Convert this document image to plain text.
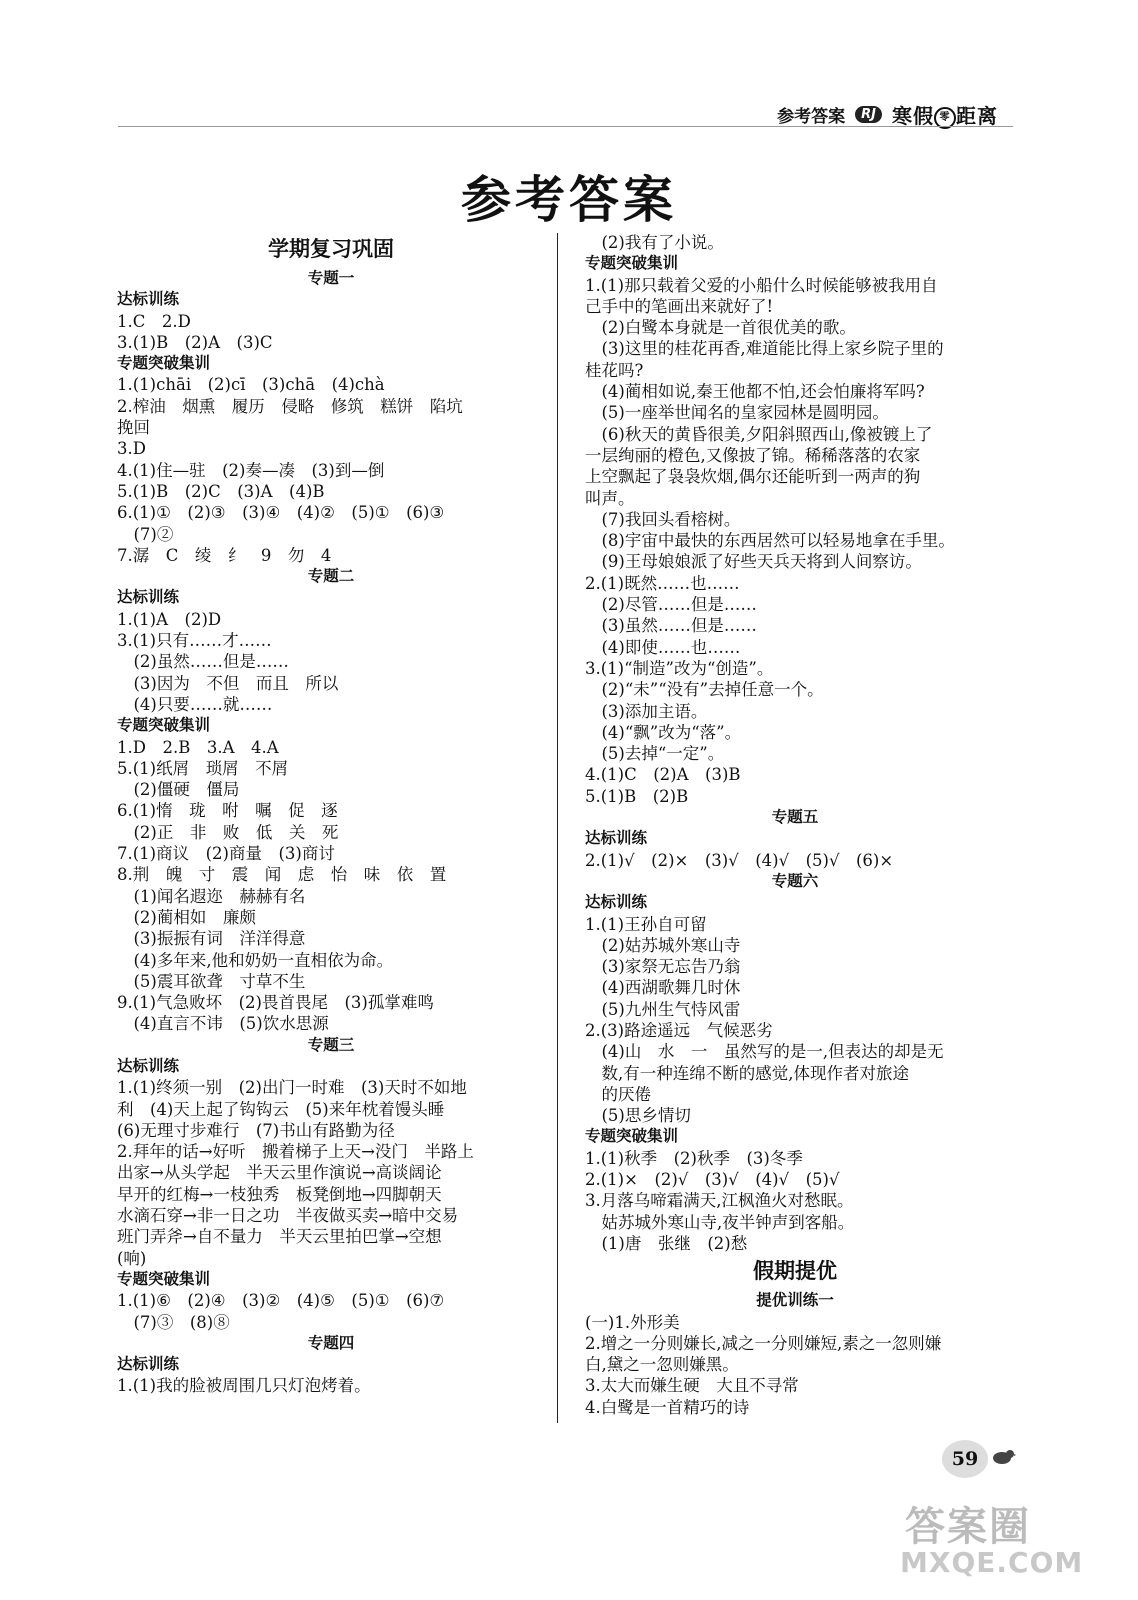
参考答案	RJ 寒假 零 距离
参考答案
学期复习巩固
专题一
达标训练
1.C　2.D
3.(1)B　(2)A　(3)C
专题突破集训
1.(1)chāi　(2)cī　(3)chā　(4)chà
2.榨油　烟熏　履历　侵略　修筑　糕饼　陷坑
挽回
3.D
4.(1)住—驻　(2)奏—凑　(3)到—倒
5.(1)B　(2)C　(3)A　(4)B
6.(1)①　(2)③　(3)④　(4)②　(5)①　(6)③
　(7)②
7.潺　C　绫　纟　9　勿　4
专题二
达标训练
1.(1)A　(2)D
3.(1)只有……才……
　(2)虽然……但是……
　(3)因为　不但　而且　所以
　(4)只要……就……
专题突破集训
1.D　2.B　3.A　4.A
5.(1)纸屑　琐屑　不屑
　(2)僵硬　僵局
6.(1)惰　珑　咐　嘱　促　逐
　(2)正　非　败　低　关　死
7.(1)商议　(2)商量　(3)商讨
8.荆　魄　寸　震　闻　虑　怡　味　依　置
　(1)闻名遐迩　赫赫有名
　(2)蔺相如　廉颇
　(3)振振有词　洋洋得意
　(4)多年来,他和奶奶一直相依为命。
　(5)震耳欲聋　寸草不生
9.(1)气急败坏　(2)畏首畏尾　(3)孤掌难鸣
　(4)直言不讳　(5)饮水思源
专题三
达标训练
1.(1)终须一别　(2)出门一时难　(3)天时不如地
利　(4)天上起了钩钩云　(5)来年枕着馒头睡
(6)无理寸步难行　(7)书山有路勤为径
2.拜年的话→好听　搬着梯子上天→没门　半路上
出家→从头学起　半天云里作演说→高谈阔论
早开的红梅→一枝独秀　板凳倒地→四脚朝天
水滴石穿→非一日之功　半夜做买卖→暗中交易
班门弄斧→自不量力　半天云里拍巴掌→空想
(响)
专题突破集训
1.(1)⑥　(2)④　(3)②　(4)⑤　(5)①　(6)⑦
　(7)③　(8)⑧
专题四
达标训练
1.(1)我的脸被周围几只灯泡烤着。
　(2)我有了小说。
专题突破集训
1.(1)那只载着父爱的小船什么时候能够被我用自
己手中的笔画出来就好了!
　(2)白鹭本身就是一首很优美的歌。
　(3)这里的桂花再香,难道能比得上家乡院子里的
桂花吗?
　(4)蔺相如说,秦王他都不怕,还会怕廉将军吗?
　(5)一座举世闻名的皇家园林是圆明园。
　(6)秋天的黄昏很美,夕阳斜照西山,像被镀上了
一层绚丽的橙色,又像披了锦。稀稀落落的农家
上空飘起了袅袅炊烟,偶尔还能听到一两声的狗
叫声。
　(7)我回头看榕树。
　(8)宇宙中最快的东西居然可以轻易地拿在手里。
　(9)王母娘娘派了好些天兵天将到人间察访。
2.(1)既然……也……
　(2)尽管……但是……
　(3)虽然……但是……
　(4)即使……也……
3.(1)“制造”改为“创造”。
　(2)“未”“没有”去掉任意一个。
　(3)添加主语。
　(4)“飘”改为“落”。
　(5)去掉“一定”。
4.(1)C　(2)A　(3)B
5.(1)B　(2)B
专题五
达标训练
2.(1)√　(2)×　(3)√　(4)√　(5)√　(6)×
专题六
达标训练
1.(1)王孙自可留
　(2)姑苏城外寒山寺
　(3)家祭无忘告乃翁
　(4)西湖歌舞几时休
　(5)九州生气恃风雷
2.(3)路途遥远　气候恶劣
　(4)山　水　一　虽然写的是一,但表达的却是无
　数,有一种连绵不断的感觉,体现作者对旅途
　的厌倦
　(5)思乡情切
专题突破集训
1.(1)秋季　(2)秋季　(3)冬季
2.(1)×　(2)√　(3)√　(4)√　(5)√
3.月落乌啼霜满天,江枫渔火对愁眠。
　姑苏城外寒山寺,夜半钟声到客船。
　(1)唐　张继　(2)愁
假期提优
提优训练一
(一)1.外形美
2.增之一分则嫌长,减之一分则嫌短,素之一忽则嫌
白,黛之一忽则嫌黑。
3.太大而嫌生硬　大且不寻常
4.白鹭是一首精巧的诗
59
答案圈
MXQE.COM
